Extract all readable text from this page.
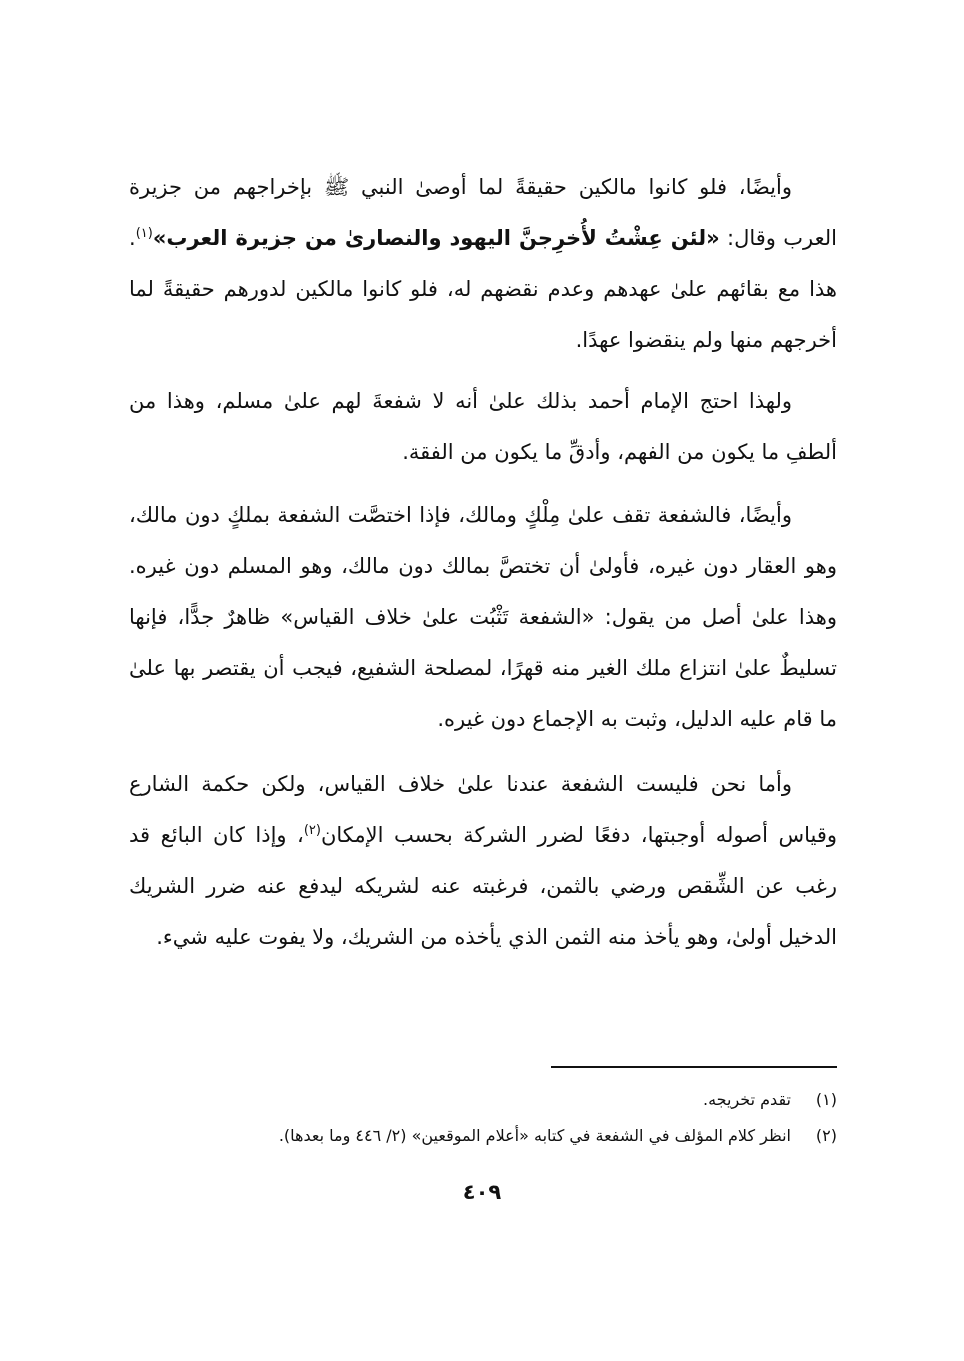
وأيضًا، فلو كانوا مالكين حقيقةً لما أوصىٰ النبي ﷺ بإخراجهم من جزيرة العرب وقال: «لئن عِشْتُ لأُخرِجنَّ اليهود والنصارىٰ من جزيرة العرب»$^{(١)}$. هذا مع بقائهم علىٰ عهدهم وعدم نقضهم له، فلو كانوا مالكين لدورهم حقيقةً لما أخرجهم منها ولم ينقضوا عهدًا.

ولهذا احتج الإمام أحمد بذلك علىٰ أنه لا شفعةَ لهم علىٰ مسلم، وهذا من ألطفِ ما يكون من الفهم، وأدقِّ ما يكون من الفقة.

وأيضًا، فالشفعة تقف علىٰ مِلْكٍ ومالك، فإذا اختصَّت الشفعة بملكٍ دون مالك، وهو العقار دون غيره، فأولىٰ أن تختصَّ بمالك دون مالك، وهو المسلم دون غيره. وهذا علىٰ أصل من يقول: «الشفعة تَثْبُت علىٰ خلاف القياس» ظاهرٌ جدًّا، فإنها تسليطٌ علىٰ انتزاع ملك الغير منه قهرًا، لمصلحة الشفيع، فيجب أن يقتصر بها علىٰ ما قام عليه الدليل، وثبت به الإجماع دون غيره.

وأما نحن فليست الشفعة عندنا علىٰ خلاف القياس، ولكن حكمة الشارع وقياس أصوله أوجبتها، دفعًا لضرر الشركة بحسب الإمكان$^{(٢)}$، وإذا كان البائع قد رغب عن الشِّقص ورضي بالثمن، فرغبته عنه لشريكه ليدفع عنه ضرر الشريك الدخيل أولىٰ، وهو يأخذ منه الثمن الذي يأخذه من الشريك، ولا يفوت عليه شيء.

(١)
تقدم تخريجه.
(٢)
انظر كلام المؤلف في الشفعة في كتابه «أعلام الموقعين» (٢/ ٤٤٦ وما بعدها).
٤٠٩
